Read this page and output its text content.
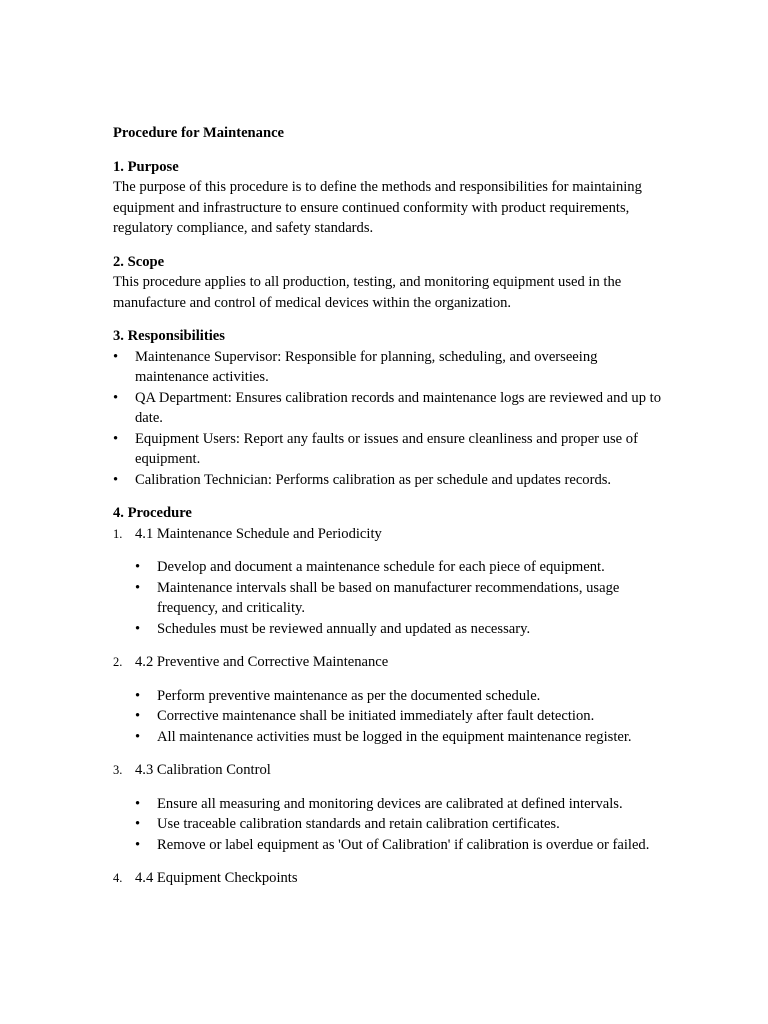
Procedure for Maintenance

1. Purpose

The purpose of this procedure is to define the methods and responsibilities for maintaining equipment and infrastructure to ensure continued conformity with product requirements, regulatory compliance, and safety standards.

2. Scope

This procedure applies to all production, testing, and monitoring equipment used in the manufacture and control of medical devices within the organization.

3. Responsibilities

•	Maintenance Supervisor: Responsible for planning, scheduling, and overseeing maintenance activities.
•	QA Department: Ensures calibration records and maintenance logs are reviewed and up to date.
•	Equipment Users: Report any faults or issues and ensure cleanliness and proper use of equipment.
•	Calibration Technician: Performs calibration as per schedule and updates records.

4. Procedure

1. 4.1 Maintenance Schedule and Periodicity
•	Develop and document a maintenance schedule for each piece of equipment.
•	Maintenance intervals shall be based on manufacturer recommendations, usage frequency, and criticality.
•	Schedules must be reviewed annually and updated as necessary.
2. 4.2 Preventive and Corrective Maintenance
•	Perform preventive maintenance as per the documented schedule.
•	Corrective maintenance shall be initiated immediately after fault detection.
•	All maintenance activities must be logged in the equipment maintenance register.
3. 4.3 Calibration Control
•	Ensure all measuring and monitoring devices are calibrated at defined intervals.
•	Use traceable calibration standards and retain calibration certificates.
•	Remove or label equipment as 'Out of Calibration' if calibration is overdue or failed.
4. 4.4 Equipment Checkpoints
